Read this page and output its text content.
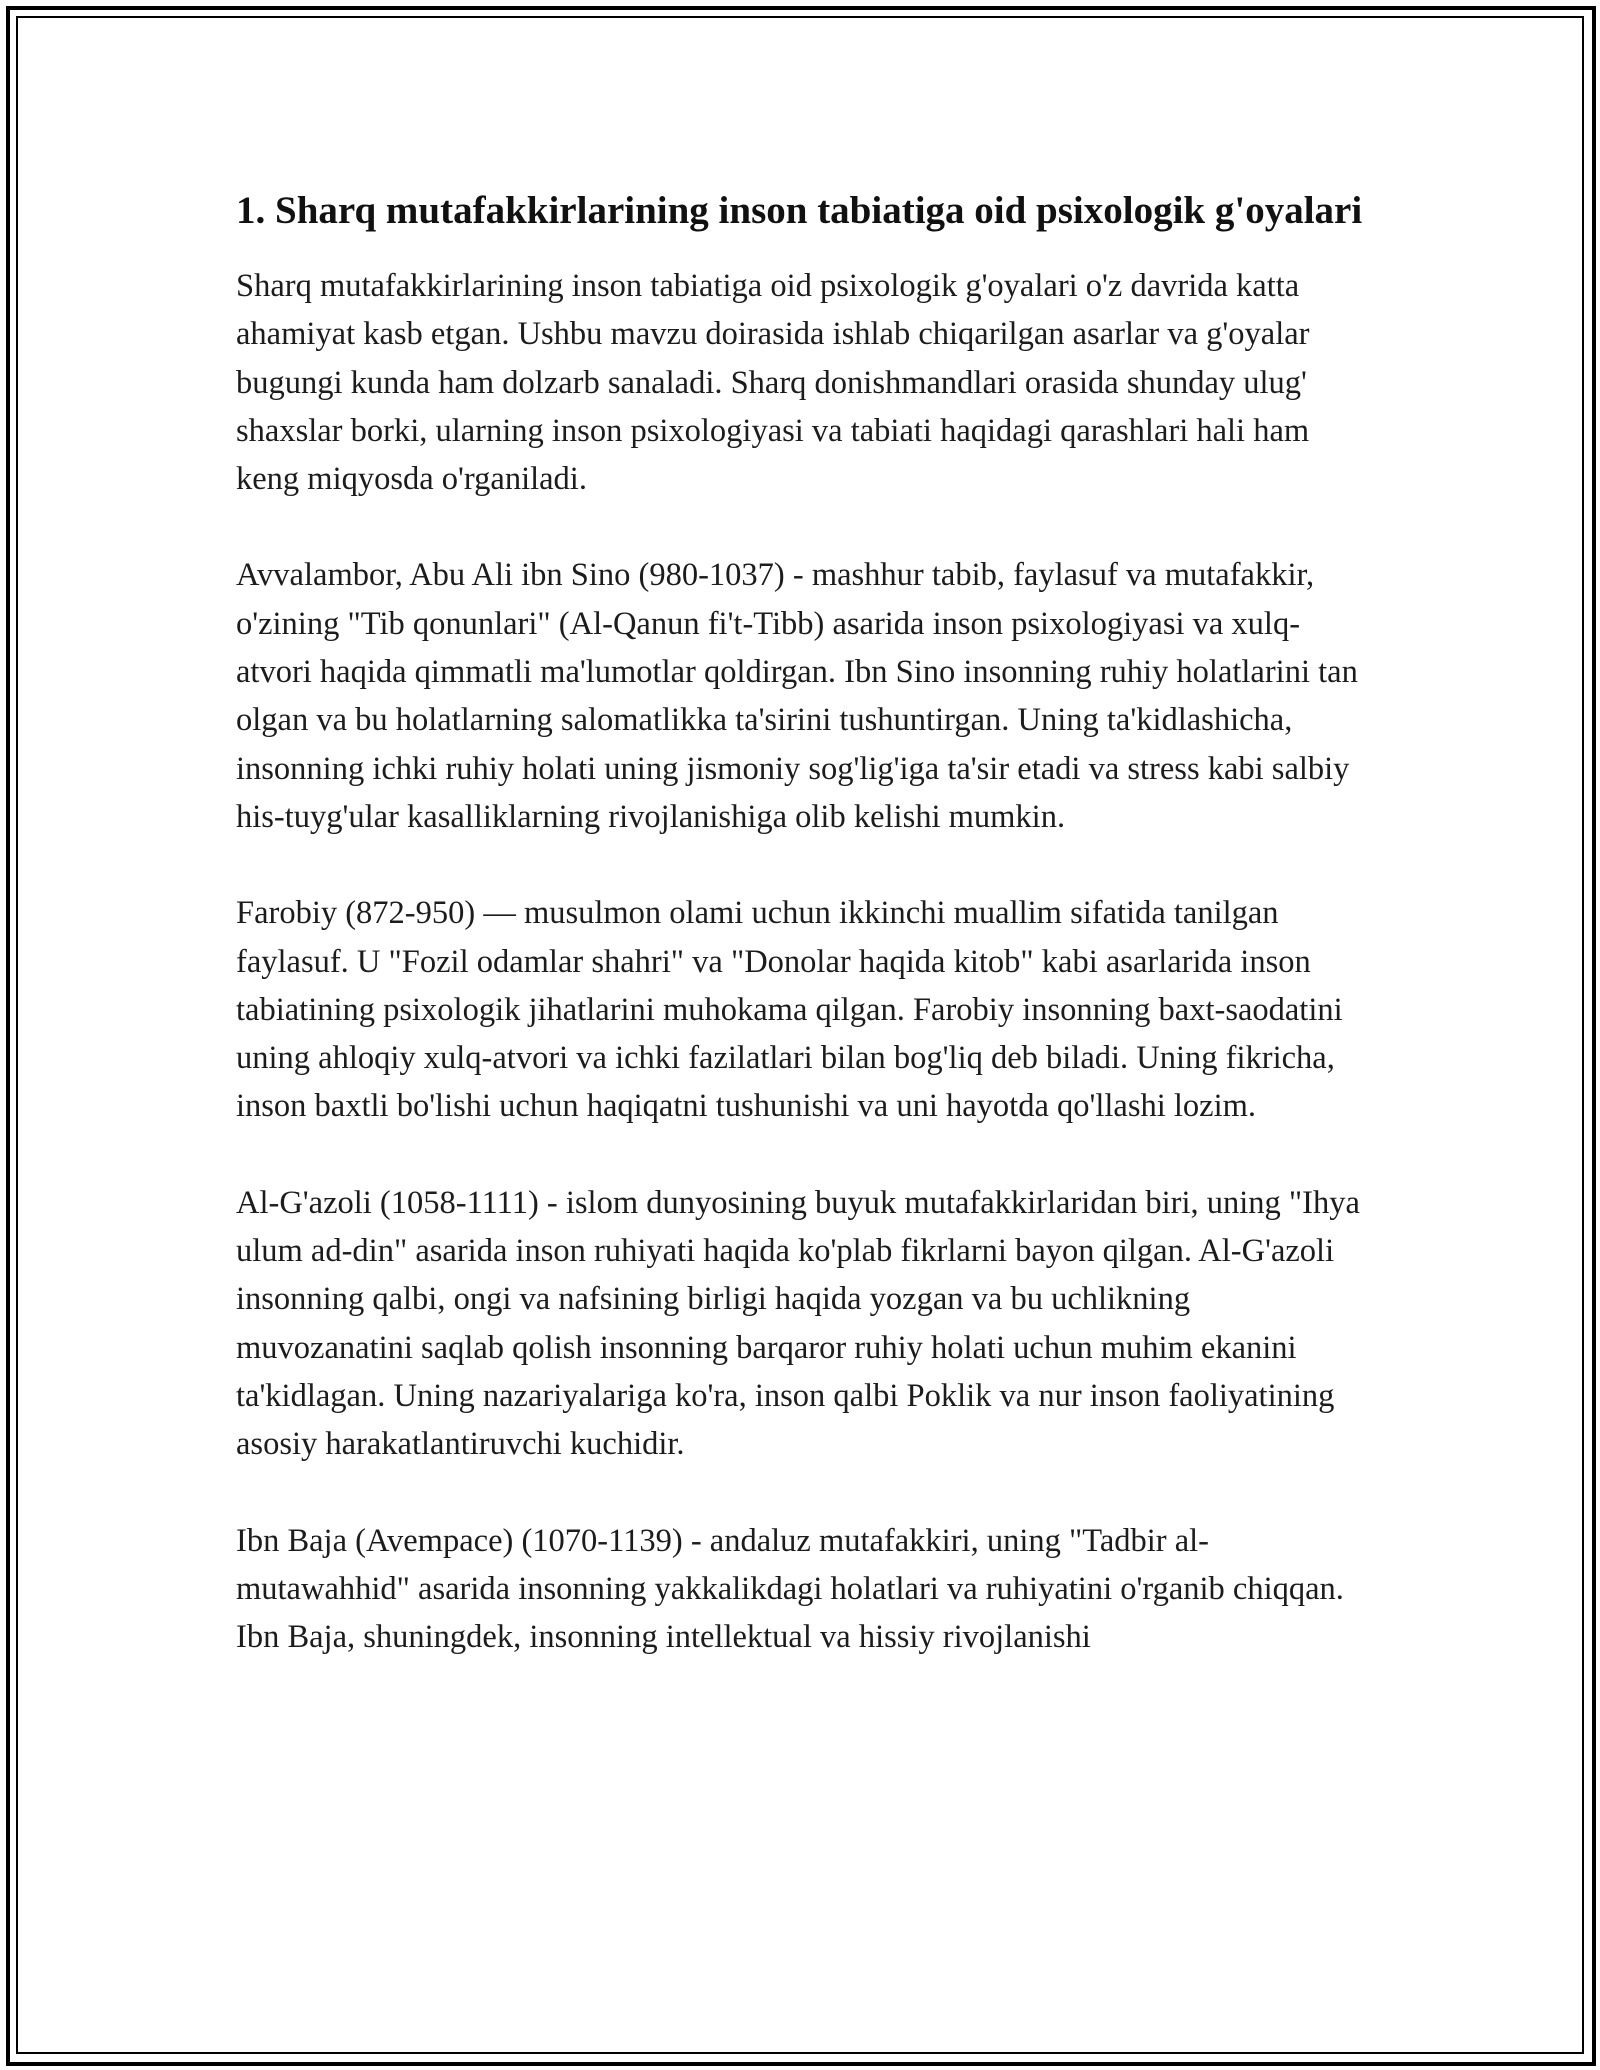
1. Sharq mutafakkirlarining inson tabiatiga oid psixologik g'oyalari

Sharq mutafakkirlarining inson tabiatiga oid psixologik g'oyalari o'z davrida katta ahamiyat kasb etgan. Ushbu mavzu doirasida ishlab chiqarilgan asarlar va g'oyalar bugungi kunda ham dolzarb sanaladi. Sharq donishmandlari orasida shunday ulug' shaxslar borki, ularning inson psixologiyasi va tabiati haqidagi qarashlari hali ham keng miqyosda o'rganiladi.

Avvalambor, Abu Ali ibn Sino (980-1037) - mashhur tabib, faylasuf va mutafakkir, o'zining "Tib qonunlari" (Al-Qanun fi't-Tibb) asarida inson psixologiyasi va xulq-atvori haqida qimmatli ma'lumotlar qoldirgan. Ibn Sino insonning ruhiy holatlarini tan olgan va bu holatlarning salomatlikka ta'sirini tushuntirgan. Uning ta'kidlashicha, insonning ichki ruhiy holati uning jismoniy sog'lig'iga ta'sir etadi va stress kabi salbiy his-tuyg'ular kasalliklarning rivojlanishiga olib kelishi mumkin.

Farobiy (872-950) — musulmon olami uchun ikkinchi muallim sifatida tanilgan faylasuf. U "Fozil odamlar shahri" va "Donolar haqida kitob" kabi asarlarida inson tabiatining psixologik jihatlarini muhokama qilgan. Farobiy insonning baxt-saodatini uning ahloqiy xulq-atvori va ichki fazilatlari bilan bog'liq deb biladi. Uning fikricha, inson baxtli bo'lishi uchun haqiqatni tushunishi va uni hayotda qo'llashi lozim.

Al-G'azoli (1058-1111) - islom dunyosining buyuk mutafakkirlaridan biri, uning "Ihya ulum ad-din" asarida inson ruhiyati haqida ko'plab fikrlarni bayon qilgan. Al-G'azoli insonning qalbi, ongi va nafsining birligi haqida yozgan va bu uchlikning muvozanatini saqlab qolish insonning barqaror ruhiy holati uchun muhim ekanini ta'kidlagan. Uning nazariyalariga ko'ra, inson qalbi Poklik va nur inson faoliyatining asosiy harakatlantiruvchi kuchidir.

Ibn Baja (Avempace) (1070-1139) - andaluz mutafakkiri, uning "Tadbir al-mutawahhid" asarida insonning yakkalikdagi holatlari va ruhiyatini o'rganib chiqqan. Ibn Baja, shuningdek, insonning intellektual va hissiy rivojlanishi
